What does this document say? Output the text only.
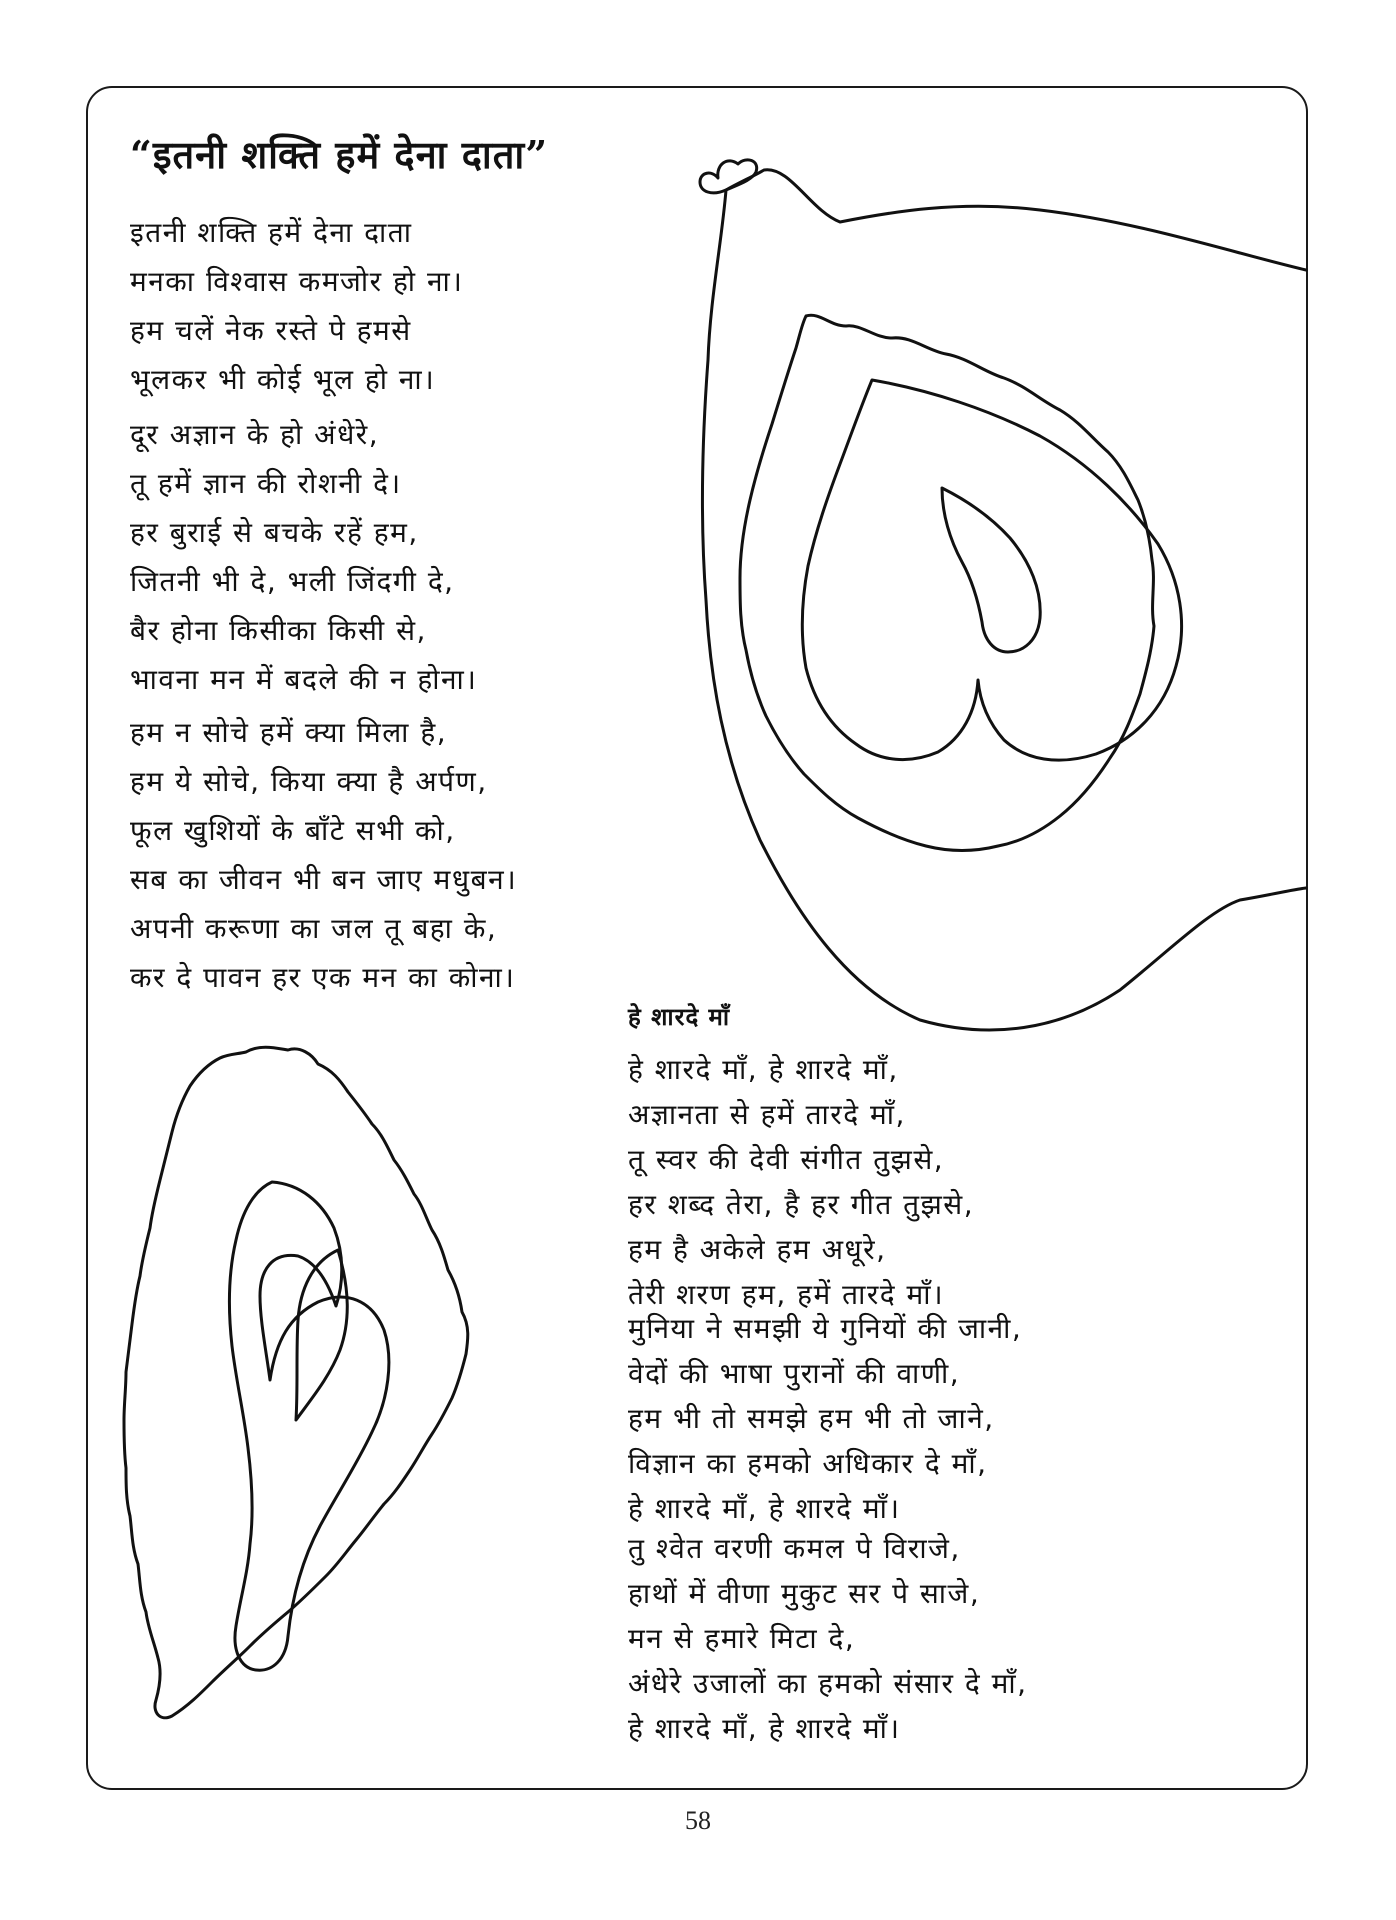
“इतनी शक्ति हमें देना दाता”
इतनी शक्ति हमें देना दाता
मनका विश्वास कमजोर हो ना।
हम चलें नेक रस्ते पे हमसे
भूलकर भी कोई भूल हो ना।
दूर अज्ञान के हो अंधेरे,
तू हमें ज्ञान की रोशनी दे।
हर बुराई से बचके रहें हम,
जितनी भी दे, भली जिंदगी दे,
बैर होना किसीका किसी से,
भावना मन में बदले की न होना।
हम न सोचे हमें क्या मिला है,
हम ये सोचे, किया क्या है अर्पण,
फूल खुशियों के बाँटे सभी को,
सब का जीवन भी बन जाए मधुबन।
अपनी करूणा का जल तू बहा के,
कर दे पावन हर एक मन का कोना।
हे शारदे माँ
हे शारदे माँ, हे शारदे माँ,
अज्ञानता से हमें तारदे माँ,
तू स्वर की देवी संगीत तुझसे,
हर शब्द तेरा, है हर गीत तुझसे,
हम है अकेले हम अधूरे,
तेरी शरण हम, हमें तारदे माँ।
मुनिया ने समझी ये गुनियों की जानी,
वेदों की भाषा पुरानों की वाणी,
हम भी तो समझे हम भी तो जाने,
विज्ञान का हमको अधिकार दे माँ,
हे शारदे माँ, हे शारदे माँ।
तु श्वेत वरणी कमल पे विराजे,
हाथों में वीणा मुकुट सर पे साजे,
मन से हमारे मिटा दे,
अंधेरे उजालों का हमको संसार दे माँ,
हे शारदे माँ, हे शारदे माँ।
58
